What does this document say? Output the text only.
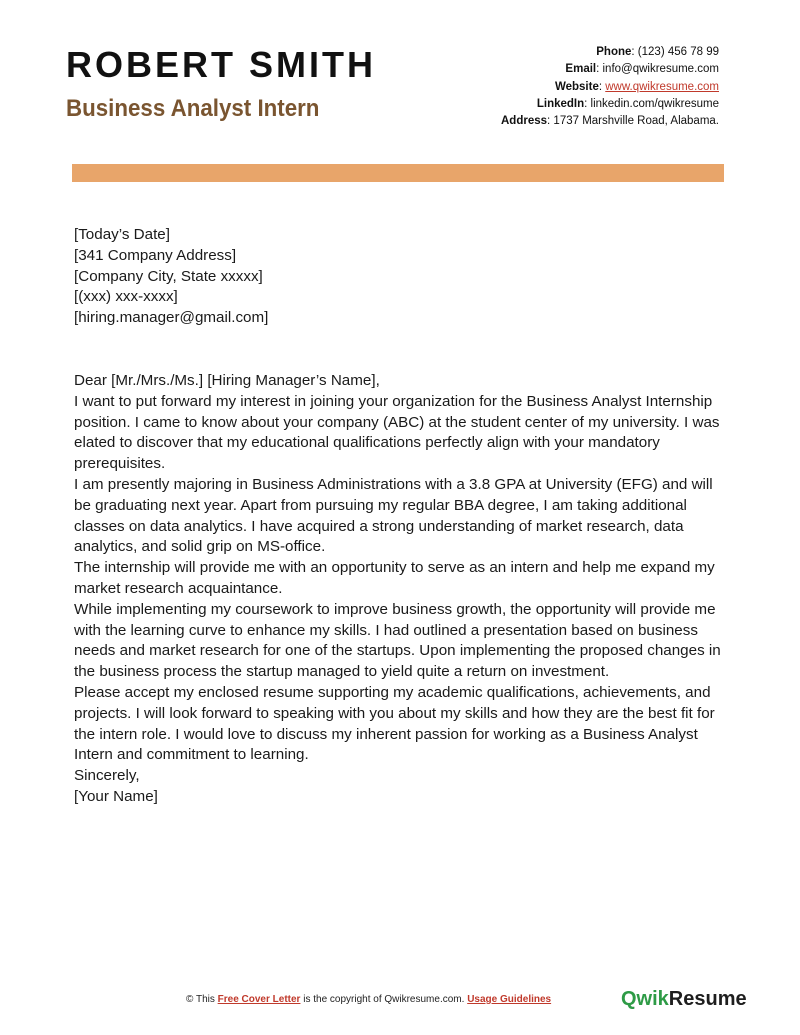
ROBERT SMITH
Business Analyst Intern
Phone: (123) 456 78 99
Email: info@qwikresume.com
Website: www.qwikresume.com
LinkedIn: linkedin.com/qwikresume
Address: 1737 Marshville Road, Alabama.

[Today’s Date]

[341 Company Address]

[Company City, State xxxxx]

[(xxx) xxx-xxxx]

[hiring.manager@gmail.com]

Dear [Mr./Mrs./Ms.] [Hiring Manager’s Name],

I want to put forward my interest in joining your organization for the Business Analyst Internship position. I came to know about your company (ABC) at the student center of my university. I was elated to discover that my educational qualifications perfectly align with your mandatory prerequisites.

I am presently majoring in Business Administrations with a 3.8 GPA at University (EFG) and will be graduating next year. Apart from pursuing my regular BBA degree, I am taking additional classes on data analytics. I have acquired a strong understanding of market research, data analytics, and solid grip on MS-office.

The internship will provide me with an opportunity to serve as an intern and help me expand my market research acquaintance.

While implementing my coursework to improve business growth, the opportunity will provide me with the learning curve to enhance my skills. I had outlined a presentation based on business needs and market research for one of the startups. Upon implementing the proposed changes in the business process the startup managed to yield quite a return on investment.

Please accept my enclosed resume supporting my academic qualifications, achievements, and projects. I will look forward to speaking with you about my skills and how they are the best fit for the intern role. I would love to discuss my inherent passion for working as a Business Analyst Intern and commitment to learning.

Sincerely,

[Your Name]

© This Free Cover Letter is the copyright of Qwikresume.com. Usage Guidelines	QwikResume
